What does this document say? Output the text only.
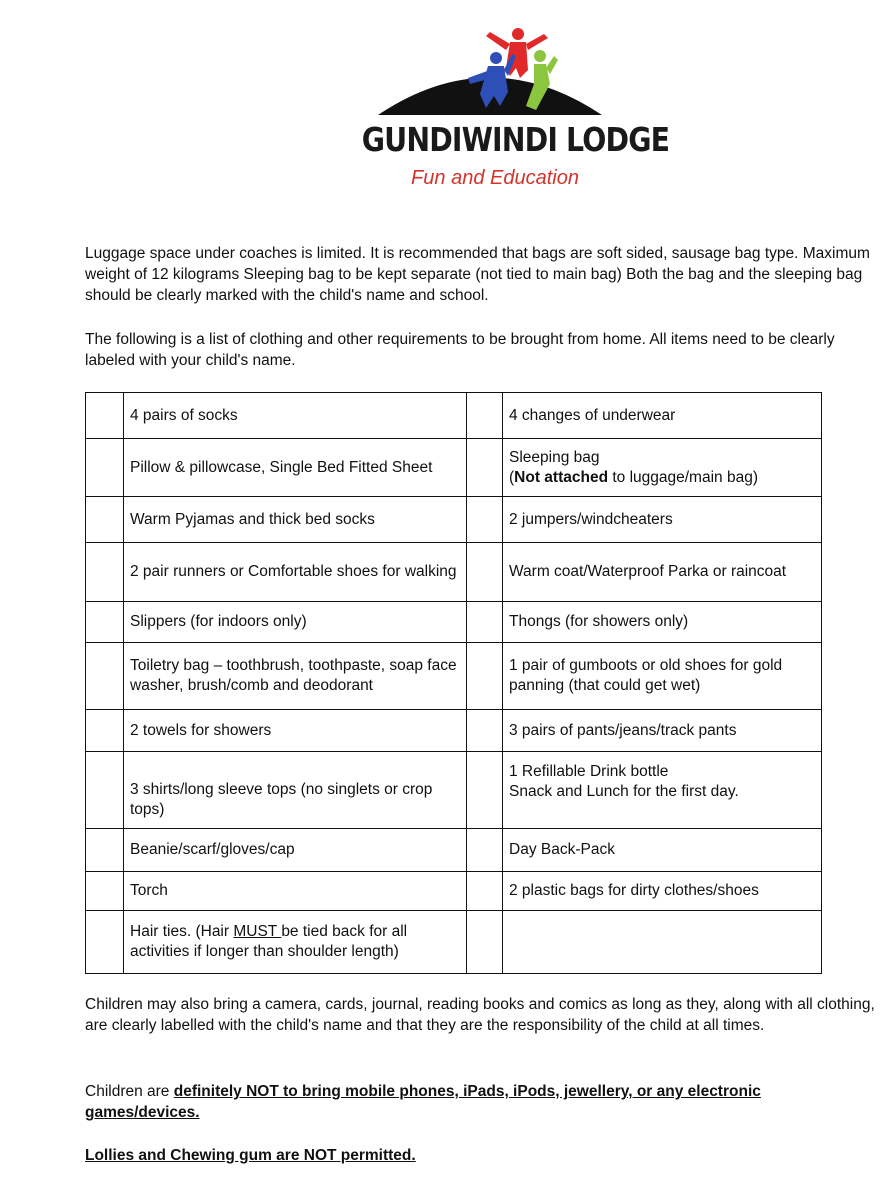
GUNDIWINDI LODGE
Fun and Education

Luggage space under coaches is limited. It is recommended that bags are soft sided, sausage bag type. Maximum weight of 12 kilograms Sleeping bag to be kept separate (not tied to main bag) Both the bag and the sleeping bag should be clearly marked with the child's name and school.

The following is a list of clothing and other requirements to be brought from home. All items need to be clearly labeled with your child's name.

	4 pairs of socks		4 changes of underwear
	Pillow & pillowcase, Single Bed Fitted Sheet		Sleeping bag
(Not attached to luggage/main bag)

	Warm Pyjamas and thick bed socks		2 jumpers/windcheaters
	2 pair runners or Comfortable shoes for walking		Warm coat/Waterproof Parka or raincoat
	Slippers (for indoors only)		Thongs (for showers only)
	Toiletry bag – toothbrush, toothpaste, soap face washer, brush/comb and deodorant		1 pair of gumboots or old shoes for gold panning (that could get wet)
	2 towels for showers		3 pairs of pants/jeans/track pants
	3 shirts/long sleeve tops (no singlets or crop tops)		1 Refillable Drink bottle
Snack and Lunch for the first day.

	Beanie/scarf/gloves/cap		Day Back-Pack
	Torch		2 plastic bags for dirty clothes/shoes
	Hair ties. (Hair MUST be tied back for all activities if longer than shoulder length)		

Children may also bring a camera, cards, journal, reading books and comics as long as they, along with all clothing, are clearly labelled with the child's name and that they are the responsibility of the child at all times.

Children are definitely NOT to bring mobile phones, iPads, iPods, jewellery, or any electronic games/devices.

Lollies and Chewing gum are NOT permitted.
